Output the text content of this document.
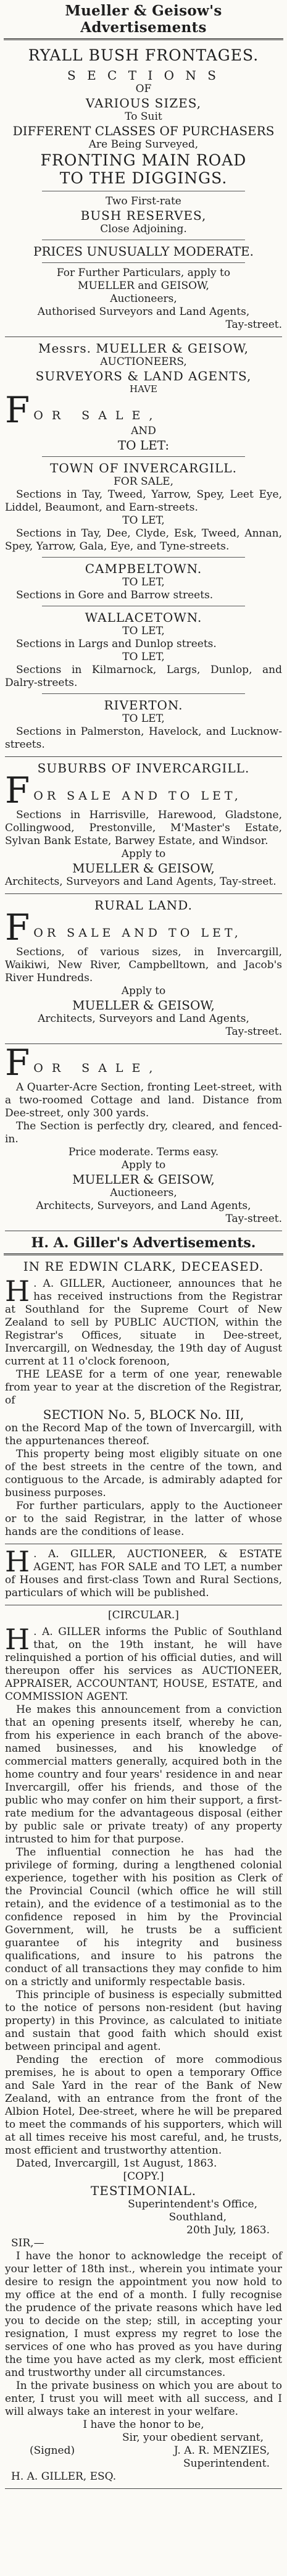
Mueller & Geisow's Advertisements
RYALL BUSH FRONTAGES.
S E C T I O N S
OF
VARIOUS SIZES,
To Suit
DIFFERENT CLASSES OF PURCHASERS
Are Being Surveyed,
FRONTING MAIN ROAD
TO THE DIGGINGS.
Two First-rate
BUSH RESERVES,
Close Adjoining.
PRICES UNUSUALLY MODERATE.
For Further Particulars, apply to
MUELLER and GEISOW,
Auctioneers,
Authorised Surveyors and Land Agents,
Tay-street.
Messrs. MUELLER & GEISOW,
AUCTIONEERS,
SURVEYORS & LAND AGENTS,
HAVE
F OR SALE,
AND
TO LET:
TOWN OF INVERCARGILL.
FOR SALE,
Sections in Tay, Tweed, Yarrow, Spey, Leet Eye, Liddel, Beaumont, and Earn-streets.
TO LET,
Sections in Tay, Dee, Clyde, Esk, Tweed, Annan, Spey, Yarrow, Gala, Eye, and Tyne-streets.
CAMPBELTOWN.
TO LET,
Sections in Gore and Barrow streets.
WALLACETOWN.
TO LET,
Sections in Largs and Dunlop streets.
TO LET,
Sections in Kilmarnock, Largs, Dunlop, and Dalry-streets.
RIVERTON.
TO LET,
Sections in Palmerston, Havelock, and Lucknow-streets.
SUBURBS OF INVERCARGILL.
F OR SALE AND TO LET,
Sections in Harrisville, Harewood, Gladstone, Collingwood, Prestonville, M'Master's Estate, Sylvan Bank Estate, Barwey Estate, and Windsor.
Apply to
MUELLER & GEISOW,
Architects, Surveyors and Land Agents, Tay-street.
RURAL LAND.
F OR SALE AND TO LET,
Sections, of various sizes, in Invercargill, Waikiwi, New River, Campbelltown, and Jacob's River Hundreds.
Apply to
MUELLER & GEISOW,
Architects, Surveyors and Land Agents,
Tay-street.
F OR SALE,
A Quarter-Acre Section, fronting Leet-street, with a two-roomed Cottage and land. Distance from Dee-street, only 300 yards.
The Section is perfectly dry, cleared, and fenced-in.
Price moderate. Terms easy.
Apply to
MUELLER & GEISOW,
Auctioneers,
Architects, Surveyors, and Land Agents,
Tay-street.
H. A. Giller's Advertisements.
IN RE EDWIN CLARK, DECEASED.
H . A. GILLER, Auctioneer, announces that he has received instructions from the Registrar at Southland for the Supreme Court of New Zealand to sell by PUBLIC AUCTION, within the Registrar's Offices, situate in Dee-street, Invercargill, on Wednesday, the 19th day of August current at 11 o'clock forenoon,
THE LEASE for a term of one year, renewable from year to year at the discretion of the Registrar, of
SECTION No. 5, BLOCK No. III,
on the Record Map of the town of Invercargill, with the appurtenances thereof.
This property being most eligibly situate on one of the best streets in the centre of the town, and contiguous to the Arcade, is admirably adapted for business purposes.
For further particulars, apply to the Auctioneer or to the said Registrar, in the latter of whose hands are the conditions of lease.
H . A. GILLER, AUCTIONEER, & ESTATE AGENT, has FOR SALE and TO LET, a number of Houses and first-class Town and Rural Sections, particulars of which will be published.
[CIRCULAR.]
H . A. GILLER informs the Public of Southland that, on the 19th instant, he will have relinquished a portion of his official duties, and will thereupon offer his services as AUCTIONEER, APPRAISER, ACCOUNTANT, HOUSE, ESTATE, and COMMISSION AGENT.
He makes this announcement from a conviction that an opening presents itself, whereby he can, from his experience in each branch of the above-named businesses, and his knowledge of commercial matters generally, acquired both in the home country and four years' residence in and near Invercargill, offer his friends, and those of the public who may confer on him their support, a first-rate medium for the advantageous disposal (either by public sale or private treaty) of any property intrusted to him for that purpose.
The influential connection he has had the privilege of forming, during a lengthened colonial experience, together with his position as Clerk of the Provincial Council (which office he will still retain), and the evidence of a testimonial as to the confidence reposed in him by the Provincial Government, will, he trusts be a sufficient guarantee of his integrity and business qualifications, and insure to his patrons the conduct of all transactions they may confide to him on a strictly and uniformly respectable basis.
This principle of business is especially submitted to the notice of persons non-resident (but having property) in this Province, as calculated to initiate and sustain that good faith which should exist between principal and agent.
Pending the erection of more commodious premises, he is about to open a temporary Office and Sale Yard in the rear of the Bank of New Zealand, with an entrance from the front of the Albion Hotel, Dee-street, where he will be prepared to meet the commands of his supporters, which will at all times receive his most careful, and, he trusts, most efficient and trustworthy attention.
Dated, Invercargill, 1st August, 1863.
[COPY.]
TESTIMONIAL.
Superintendent's Office,
Southland,
20th July, 1863.
SIR,—
I have the honor to acknowledge the receipt of your letter of 18th inst., wherein you intimate your desire to resign the appointment you now hold to my office at the end of a month. I fully recognise the prudence of the private reasons which have led you to decide on the step; still, in accepting your resignation, I must express my regret to lose the services of one who has proved as you have during the time you have acted as my clerk, most efficient and trustworthy under all circumstances.
In the private business on which you are about to enter, I trust you will meet with all success, and I will always take an interest in your welfare.
I have the honor to be,
Sir, your obedient servant,
(Signed)	J. A. R. MENZIES,
Superintendent.
H. A. GILLER, ESQ.
